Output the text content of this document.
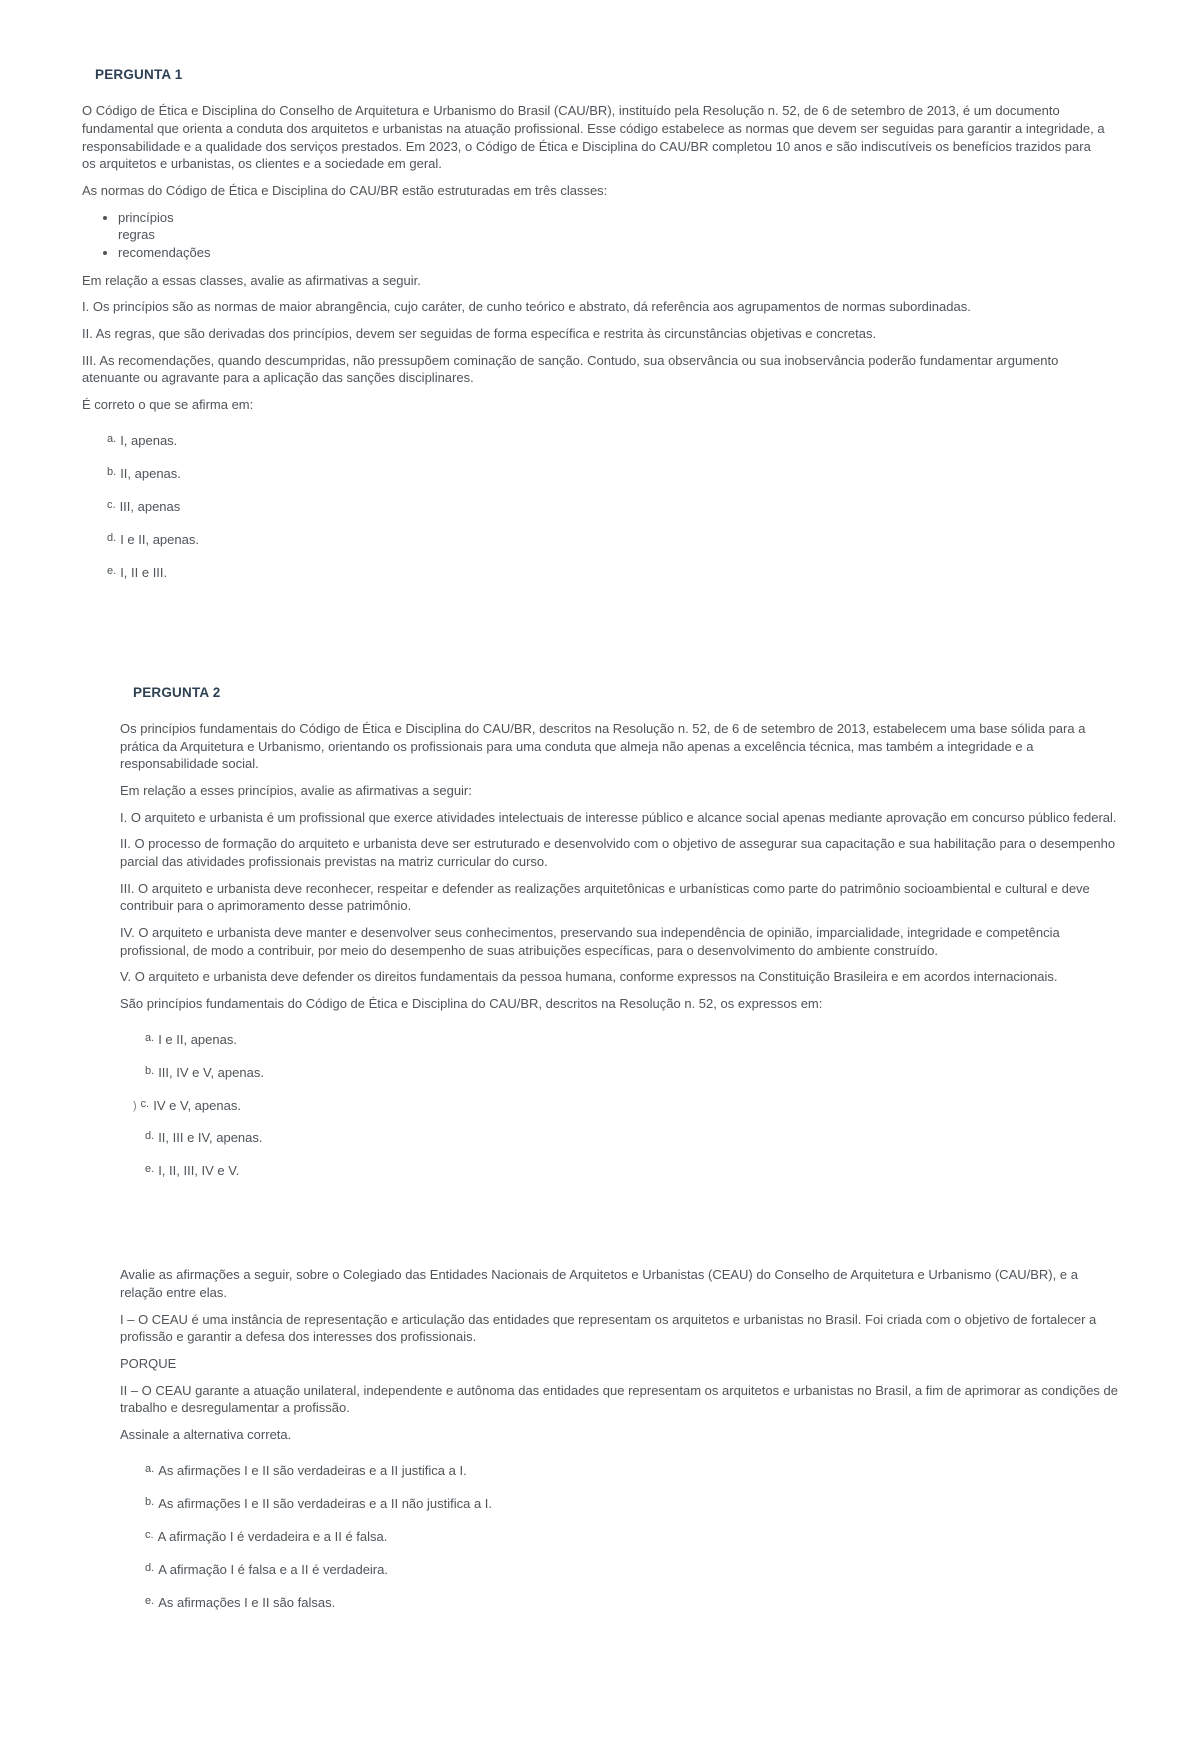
PERGUNTA 1

O Código de Ética e Disciplina do Conselho de Arquitetura e Urbanismo do Brasil (CAU/BR), instituído pela Resolução n. 52, de 6 de setembro de 2013, é um documento fundamental que orienta a conduta dos arquitetos e urbanistas na atuação profissional. Esse código estabelece as normas que devem ser seguidas para garantir a integridade, a responsabilidade e a qualidade dos serviços prestados. Em 2023, o Código de Ética e Disciplina do CAU/BR completou 10 anos e são indiscutíveis os benefícios trazidos para os arquitetos e urbanistas, os clientes e a sociedade em geral.

As normas do Código de Ética e Disciplina do CAU/BR estão estruturadas em três classes:

• princípios
regras
• recomendações

Em relação a essas classes, avalie as afirmativas a seguir.

I. Os princípios são as normas de maior abrangência, cujo caráter, de cunho teórico e abstrato, dá referência aos agrupamentos de normas subordinadas.

II. As regras, que são derivadas dos princípios, devem ser seguidas de forma específica e restrita às circunstâncias objetivas e concretas.

III. As recomendações, quando descumpridas, não pressupõem cominação de sanção. Contudo, sua observância ou sua inobservância poderão fundamentar argumento atenuante ou agravante para a aplicação das sanções disciplinares.

É correto o que se afirma em:

$^{a.}$ I, apenas.
$^{b.}$ II, apenas.
$^{c.}$ III, apenas
$^{d.}$ I e II, apenas.
$^{e.}$ I, II e III.
PERGUNTA 2

Os princípios fundamentais do Código de Ética e Disciplina do CAU/BR, descritos na Resolução n. 52, de 6 de setembro de 2013, estabelecem uma base sólida para a prática da Arquitetura e Urbanismo, orientando os profissionais para uma conduta que almeja não apenas a excelência técnica, mas também a integridade e a responsabilidade social.

Em relação a esses princípios, avalie as afirmativas a seguir:

I. O arquiteto e urbanista é um profissional que exerce atividades intelectuais de interesse público e alcance social apenas mediante aprovação em concurso público federal.

II. O processo de formação do arquiteto e urbanista deve ser estruturado e desenvolvido com o objetivo de assegurar sua capacitação e sua habilitação para o desempenho parcial das atividades profissionais previstas na matriz curricular do curso.

III. O arquiteto e urbanista deve reconhecer, respeitar e defender as realizações arquitetônicas e urbanísticas como parte do patrimônio socioambiental e cultural e deve contribuir para o aprimoramento desse patrimônio.

IV. O arquiteto e urbanista deve manter e desenvolver seus conhecimentos, preservando sua independência de opinião, imparcialidade, integridade e competência profissional, de modo a contribuir, por meio do desempenho de suas atribuições específicas, para o desenvolvimento do ambiente construído.

V. O arquiteto e urbanista deve defender os direitos fundamentais da pessoa humana, conforme expressos na Constituição Brasileira e em acordos internacionais.

São princípios fundamentais do Código de Ética e Disciplina do CAU/BR, descritos na Resolução n. 52, os expressos em:

$^{a.}$ I e II, apenas.
$^{b.}$ III, IV e V, apenas.
) $^{c.}$ IV e V, apenas.
$^{d.}$ II, III e IV, apenas.
$^{e.}$ I, II, III, IV e V.

Avalie as afirmações a seguir, sobre o Colegiado das Entidades Nacionais de Arquitetos e Urbanistas (CEAU) do Conselho de Arquitetura e Urbanismo (CAU/BR), e a relação entre elas.

I – O CEAU é uma instância de representação e articulação das entidades que representam os arquitetos e urbanistas no Brasil. Foi criada com o objetivo de fortalecer a profissão e garantir a defesa dos interesses dos profissionais.

PORQUE

II – O CEAU garante a atuação unilateral, independente e autônoma das entidades que representam os arquitetos e urbanistas no Brasil, a fim de aprimorar as condições de trabalho e desregulamentar a profissão.

Assinale a alternativa correta.

$^{a.}$ As afirmações I e II são verdadeiras e a II justifica a I.
$^{b.}$ As afirmações I e II são verdadeiras e a II não justifica a I.
$^{c.}$ A afirmação I é verdadeira e a II é falsa.
$^{d.}$ A afirmação I é falsa e a II é verdadeira.
$^{e.}$ As afirmações I e II são falsas.
